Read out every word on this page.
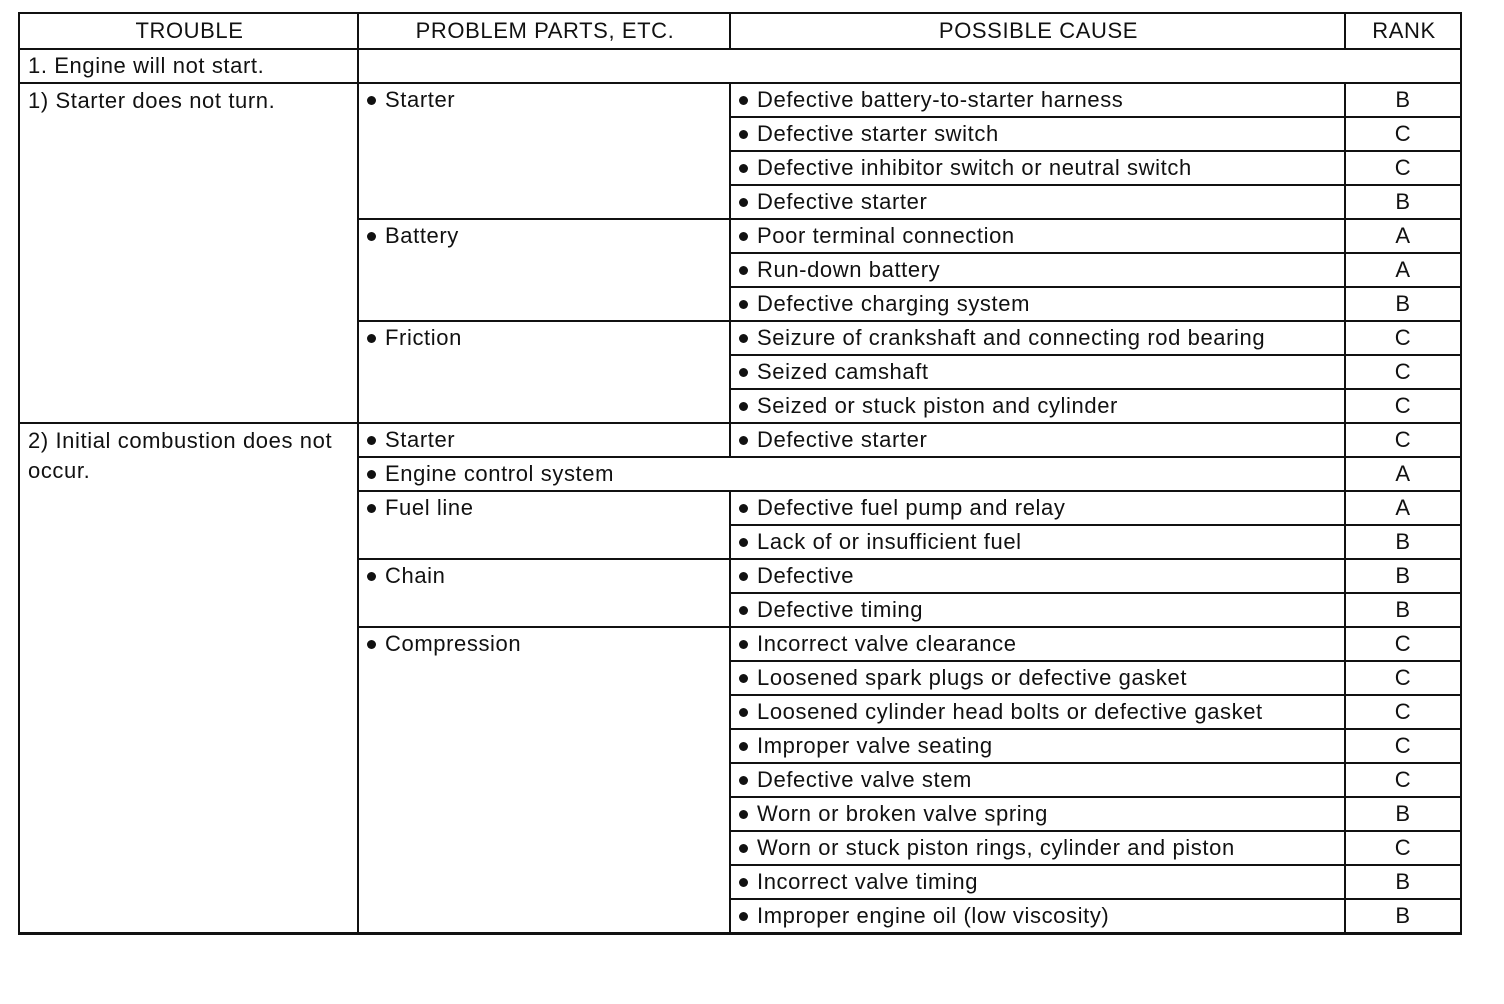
TROUBLE	PROBLEM PARTS, ETC.	POSSIBLE CAUSE	RANK
1. Engine will not start.			
1) Starter does not turn.	Starter	Defective battery-to-starter harness	B
		Defective starter switch	C
		Defective inhibitor switch or neutral switch	C
		Defective starter	B
	Battery	Poor terminal connection	A
		Run-down battery	A
		Defective charging system	B
	Friction	Seizure of crankshaft and connecting rod bearing	C
		Seized camshaft	C
		Seized or stuck piston and cylinder	C
2) Initial combustion does not occur.	Starter	Defective starter	C
	Engine control system		A
	Fuel line	Defective fuel pump and relay	A
		Lack of or insufficient fuel	B
	Chain	Defective	B
		Defective timing	B
	Compression	Incorrect valve clearance	C
		Loosened spark plugs or defective gasket	C
		Loosened cylinder head bolts or defective gasket	C
		Improper valve seating	C
		Defective valve stem	C
		Worn or broken valve spring	B
		Worn or stuck piston rings, cylinder and piston	C
		Incorrect valve timing	B
		Improper engine oil (low viscosity)	B
